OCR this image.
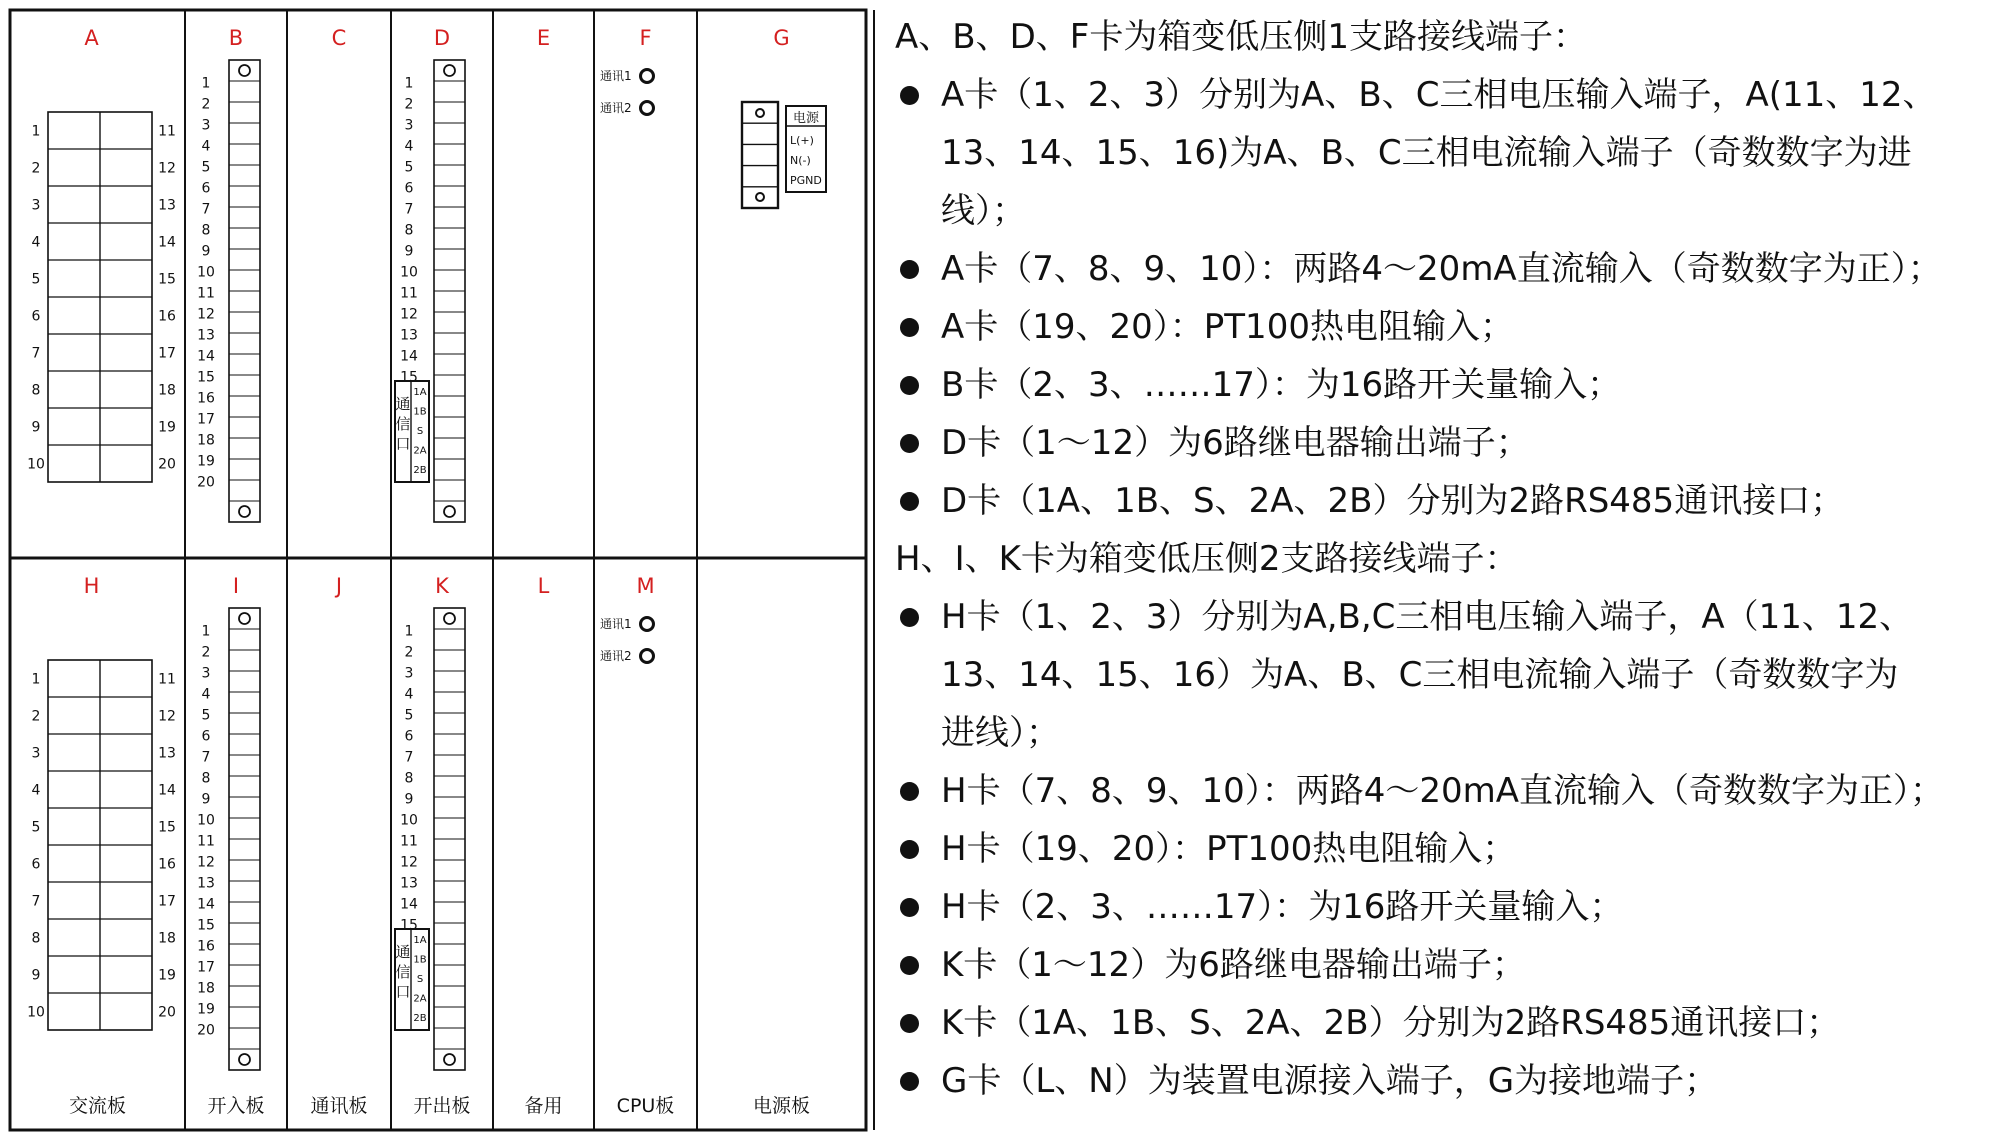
A
1
2
3
4
5
6
7
8
9
10
11
12
13
14
15
16
17
18
19
20
B
1
2
3
4
5
6
7
8
9
10
11
12
13
14
15
16
17
18
19
20
C	D
1
2
3
4
5
6
7
8
9
10
11
12
13
14
15
通
信
口
1A
1B
S
2A
2B
E	F
通讯1
通讯2
G
电源
L(+)
N(-)
PGND
H
1
2
3
4
5
6
7
8
9
10
11
12
13
14
15
16
17
18
19
20
I
1
2
3
4
5
6
7
8
9
10
11
12
13
14
15
16
17
18
19
20
J	K
1
2
3
4
5
6
7
8
9
10
11
12
13
14
15
通
信
口
1A
1B
S
2A
2B
L	M
通讯1
通讯2
交流板	开入板 通讯板 开出板	备用	CPU板	电源板
A、B、D、F卡为箱变低压侧1支路接线端子：
A卡（1、2、3）分别为A、B、C三相电压输入端子，A(11、12、
13、14、15、16)为A、B、C三相电流输入端子（奇数数字为进
线）；
A卡（7、8、9、10）：两路4～20mA直流输入（奇数数字为正）；
A卡（19、20）：PT100热电阻输入；
B卡（2、3、……17）：为16路开关量输入；
D卡（1～12）为6路继电器输出端子；
D卡（1A、1B、S、2A、2B）分别为2路RS485通讯接口；
H、I、K卡为箱变低压侧2支路接线端子：
H卡（1、2、3）分别为A,B,C三相电压输入端子，A（11、12、
13、14、15、16）为A、B、C三相电流输入端子（奇数数字为
进线）；
H卡（7、8、9、10）：两路4～20mA直流输入（奇数数字为正）；
H卡（19、20）：PT100热电阻输入；
H卡（2、3、……17）：为16路开关量输入；
K卡（1～12）为6路继电器输出端子；
K卡（1A、1B、S、2A、2B）分别为2路RS485通讯接口；
G卡（L、N）为装置电源接入端子，G为接地端子；
